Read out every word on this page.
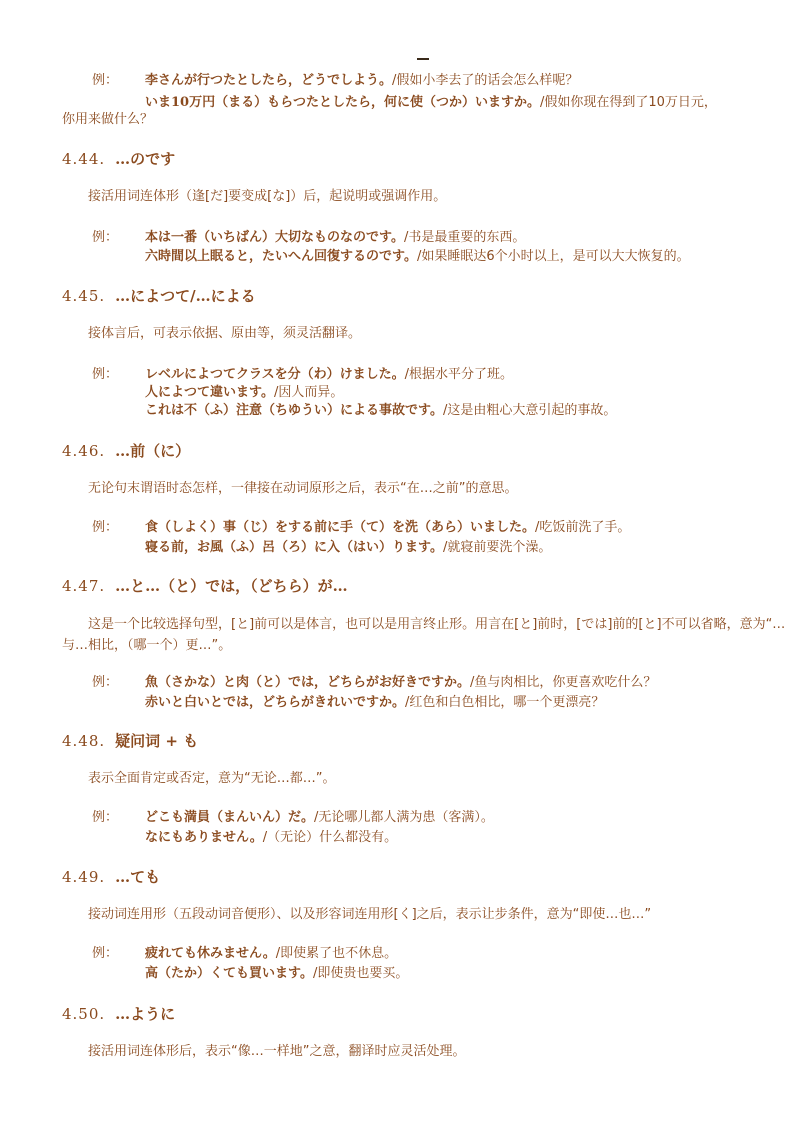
例： 李さんが行つたとしたら，どうでしよう。/假如小李去了的话会怎么样呢？
いま10万円（まる）もらつたとしたら，何に使（つか）いますか。/假如你现在得到了10万日元，
你用来做什么？
4.44. …のです
接活用词连体形（逢[だ]要变成[な]）后，起说明或强调作用。
例： 本は一番（いちばん）大切なものなのです。/书是最重要的东西。
六時間以上眠ると，たいへん回復するのです。/如果睡眠达6个小时以上，是可以大大恢复的。
4.45. …によつて/…による
接体言后，可表示依据、原由等，须灵活翻译。
例： レベルによつてクラスを分（わ）けました。/根据水平分了班。
人によつて違います。/因人而异。
これは不（ふ）注意（ちゆうい）による事故です。/这是由粗心大意引起的事故。
4.46. …前（に）
无论句末谓语时态怎样，一律接在动词原形之后，表示“在…之前”的意思。
例： 食（しよく）事（じ）をする前に手（て）を洗（あら）いました。/吃饭前洗了手。
寝る前，お風（ふ）呂（ろ）に入（はい）ります。/就寝前要洗个澡。
4.47. …と…（と）では，（どちら）が…
这是一个比较选择句型，[と]前可以是体言，也可以是用言终止形。用言在[と]前时，[では]前的[と]不可以省略，意为“…与…相比，（哪一个）更…”。
例： 魚（さかな）と肉（と）では，どちらがお好きですか。/鱼与肉相比，你更喜欢吃什么？
赤いと白いとでは，どちらがきれいですか。/红色和白色相比，哪一个更漂亮？
4.48. 疑问词 + も
表示全面肯定或否定，意为“无论…都…”。
例： どこも満員（まんいん）だ。/无论哪儿都人满为患（客满）。
なにもありません。/（无论）什么都没有。
4.49. …ても
接动词连用形（五段动词音便形）、以及形容词连用形[く]之后，表示让步条件，意为“即使…也…”
例： 疲れても休みません。/即使累了也不休息。
高（たか）くても買います。/即使贵也要买。
4.50. …ように
接活用词连体形后，表示“像…一样地”之意，翻译时应灵活处理。
